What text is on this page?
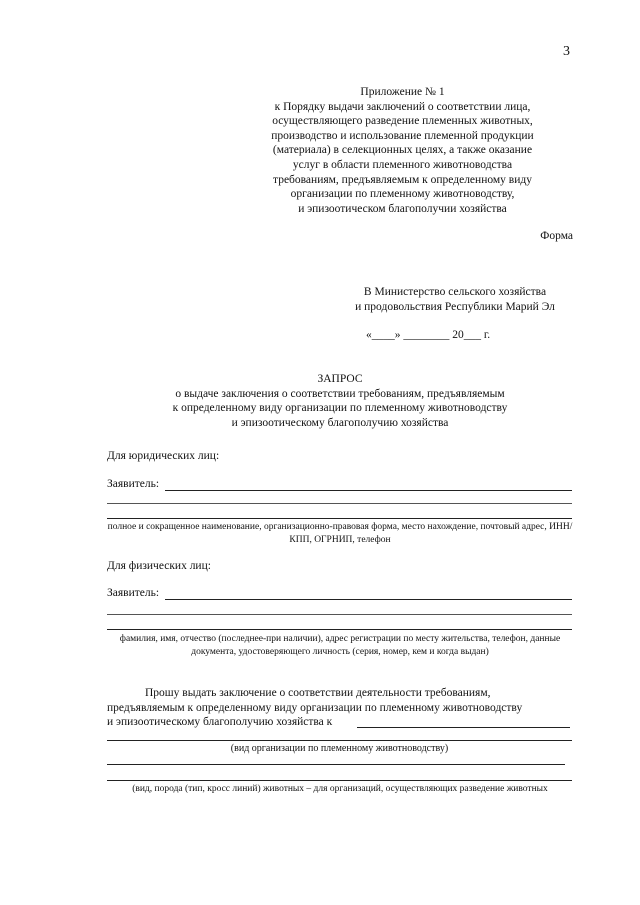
3
Приложение № 1
к Порядку выдачи заключений о соответствии лица,
осуществляющего разведение племенных животных,
производство и использование племенной продукции
(материала) в селекционных целях, а также оказание
услуг в области племенного животноводства
требованиям, предъявляемым к определенному виду
организации по племенному животноводству,
и эпизоотическом благополучии хозяйства
Форма
В Министерство сельского хозяйства
и продовольствия Республики Марий Эл
«____» ________ 20___ г.
ЗАПРОС
о выдаче заключения о соответствии требованиям, предъявляемым
к определенному виду организации по племенному животноводству
и эпизоотическому благополучию хозяйства
Для юридических лиц:
Заявитель:
полное и сокращенное наименование, организационно-правовая форма, место нахождение, почтовый адрес, ИНН/КПП, ОГРНИП, телефон
Для физических лиц:
Заявитель:
фамилия, имя, отчество (последнее-при наличии), адрес регистрации по месту жительства, телефон, данные документа, удостоверяющего личность (серия, номер, кем и когда выдан)
Прошу выдать заключение о соответствии деятельности требованиям,
предъявляемым к определенному виду организации по племенному животноводству
и эпизоотическому благополучию хозяйства к
(вид организации по племенному животноводству)
(вид, порода (тип, кросс линий) животных – для организаций, осуществляющих разведение животных
